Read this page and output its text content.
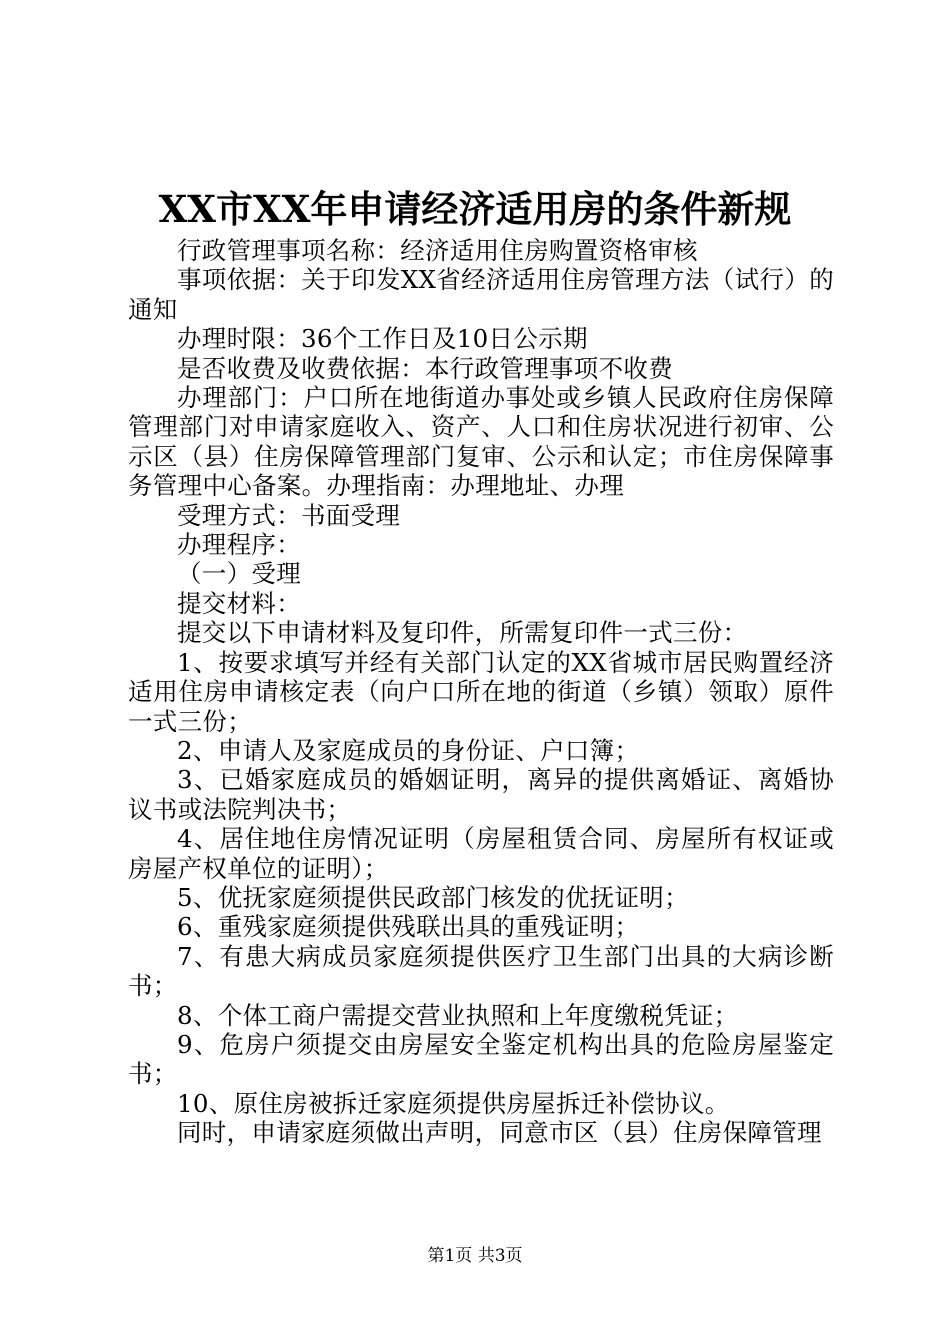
XX市XX年申请经济适用房的条件新规

行政管理事项名称：经济适用住房购置资格审核

事项依据：关于印发XX省经济适用住房管理方法（试行）的通知

办理时限：36个工作日及10日公示期

是否收费及收费依据：本行政管理事项不收费

办理部门：户口所在地街道办事处或乡镇人民政府住房保障管理部门对申请家庭收入、资产、人口和住房状况进行初审、公示区（县）住房保障管理部门复审、公示和认定；市住房保障事务管理中心备案。办理指南：办理地址、办理

受理方式：书面受理

办理程序：

（一）受理

提交材料：

提交以下申请材料及复印件，所需复印件一式三份：

1、按要求填写并经有关部门认定的XX省城市居民购置经济适用住房申请核定表（向户口所在地的街道（乡镇）领取）原件一式三份；

2、申请人及家庭成员的身份证、户口簿；

3、已婚家庭成员的婚姻证明，离异的提供离婚证、离婚协议书或法院判决书；

4、居住地住房情况证明（房屋租赁合同、房屋所有权证或房屋产权单位的证明）；

5、优抚家庭须提供民政部门核发的优抚证明；

6、重残家庭须提供残联出具的重残证明；

7、有患大病成员家庭须提供医疗卫生部门出具的大病诊断书；

8、个体工商户需提交营业执照和上年度缴税凭证；

9、危房户须提交由房屋安全鉴定机构出具的危险房屋鉴定书；

10、原住房被拆迁家庭须提供房屋拆迁补偿协议。

同时，申请家庭须做出声明，同意市区（县）住房保障管理

第1页 共3页
